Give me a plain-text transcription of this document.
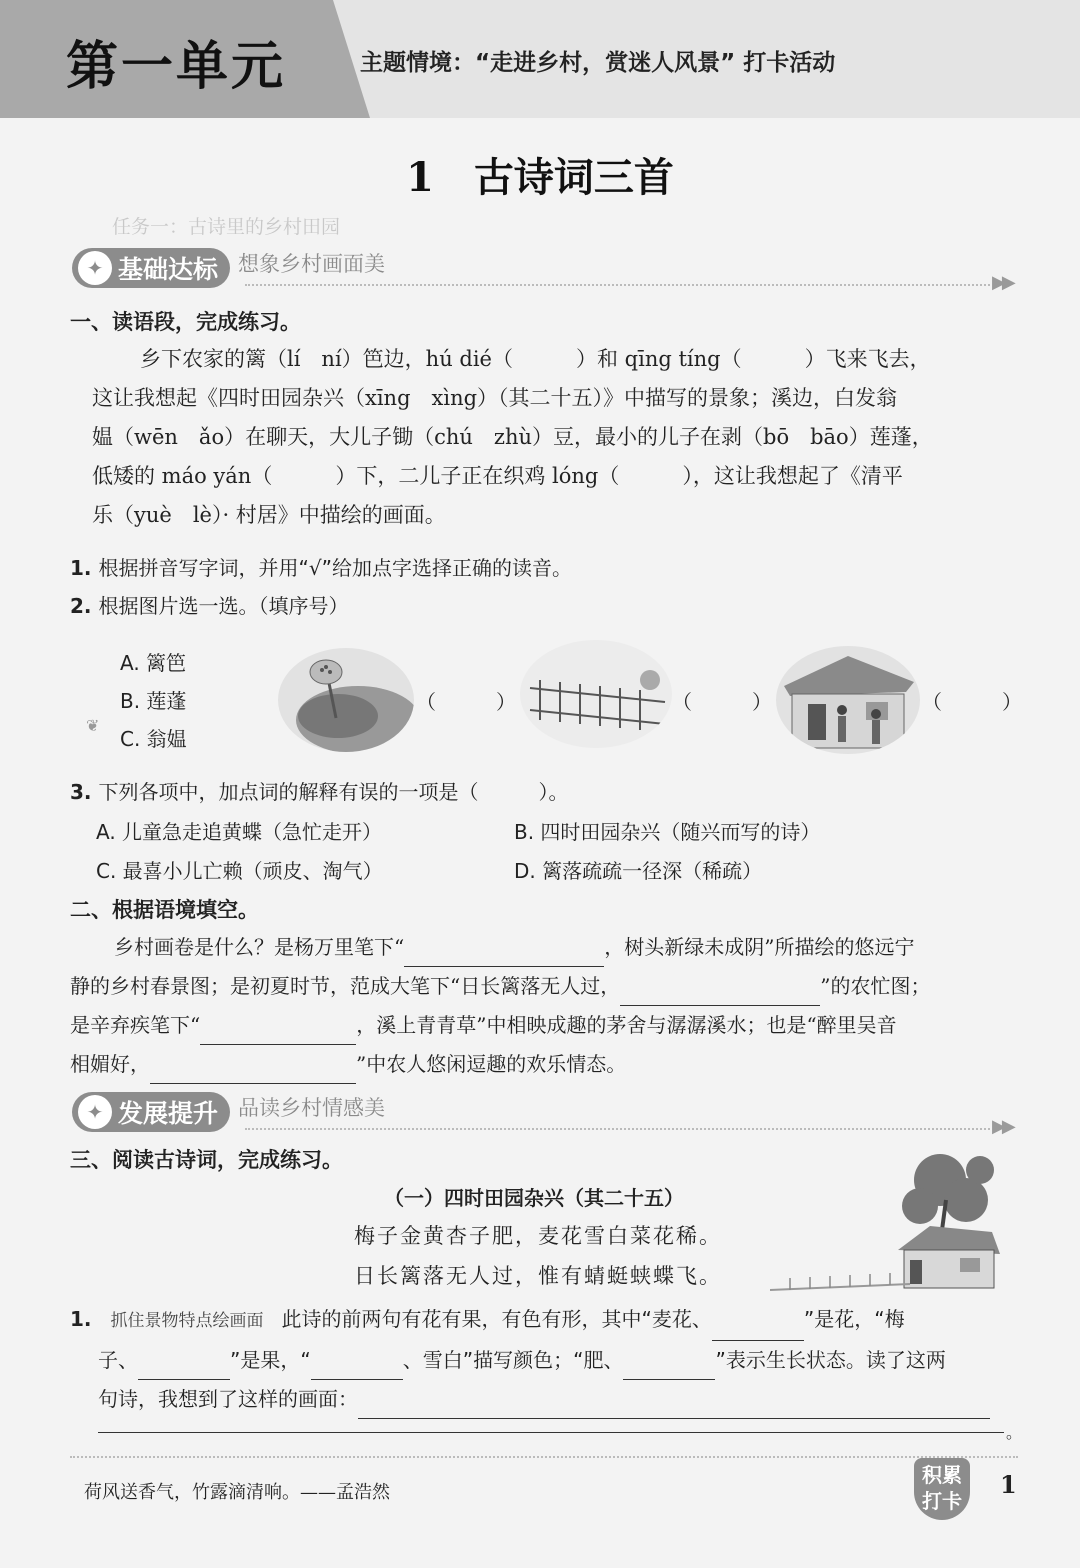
第一单元	主题情境：“走进乡村，赏迷人风景” 打卡活动
1 古诗词三首
任务一：古诗里的乡村田园
✦ 基础达标 想象乡村画面美
▶▶
一、读语段，完成练习。
乡下农家的篱（lí　ní）笆边，hú dié（　　　）和 qīng tíng（　　　）飞来飞去，
这让我想起《四时田园杂兴（xīng　xìng）（其二十五）》中描写的景象；溪边，白发翁
媪（wēn　ǎo）在聊天，大儿子锄（chú　zhù）豆，最小的儿子在剥（bō　bāo）莲蓬，
低矮的 máo yán（　　　）下，二儿子正在织鸡 lóng（　　　），这让我想起了《清平
乐（yuè　lè）· 村居》中描绘的画面。
1. 根据拼音写字词，并用“√”给加点字选择正确的读音。
2. 根据图片选一选。（填序号）
A. 篱笆
B. 莲蓬
C. 翁媪
（　　　）	（　　　）	（　　　）
❦
3. 下列各项中，加点词的解释有误的一项是（　　　）。
A. 儿童急走追黄蝶（急忙走开）	B. 四时田园杂兴（随兴而写的诗）
C. 最喜小儿亡赖（顽皮、淘气）	D. 篱落疏疏一径深（稀疏）
二、根据语境填空。
乡村画卷是什么？是杨万里笔下“	，树头新绿未成阴”所描绘的悠远宁
静的乡村春景图；是初夏时节，范成大笔下“日长篱落无人过，	”的农忙图；
是辛弃疾笔下“	，溪上青青草”中相映成趣的茅舍与潺潺溪水；也是“醉里吴音
相媚好，	”中农人悠闲逗趣的欢乐情态。
✦ 发展提升 品读乡村情感美
▶▶
三、阅读古诗词，完成练习。
（一）四时田园杂兴（其二十五）
梅子金黄杏子肥，麦花雪白菜花稀。
日长篱落无人过，惟有蜻蜓蛱蝶飞。
1. 抓住景物特点绘画面 此诗的前两句有花有果，有色有形，其中“麦花、	”是花，“梅
子、	”是果，“	、雪白”描写颜色；“肥、	”表示生长状态。读了这两
句诗，我想到了这样的画面：
。
荷风送香气，竹露滴清响。——孟浩然
积累
打卡
1
